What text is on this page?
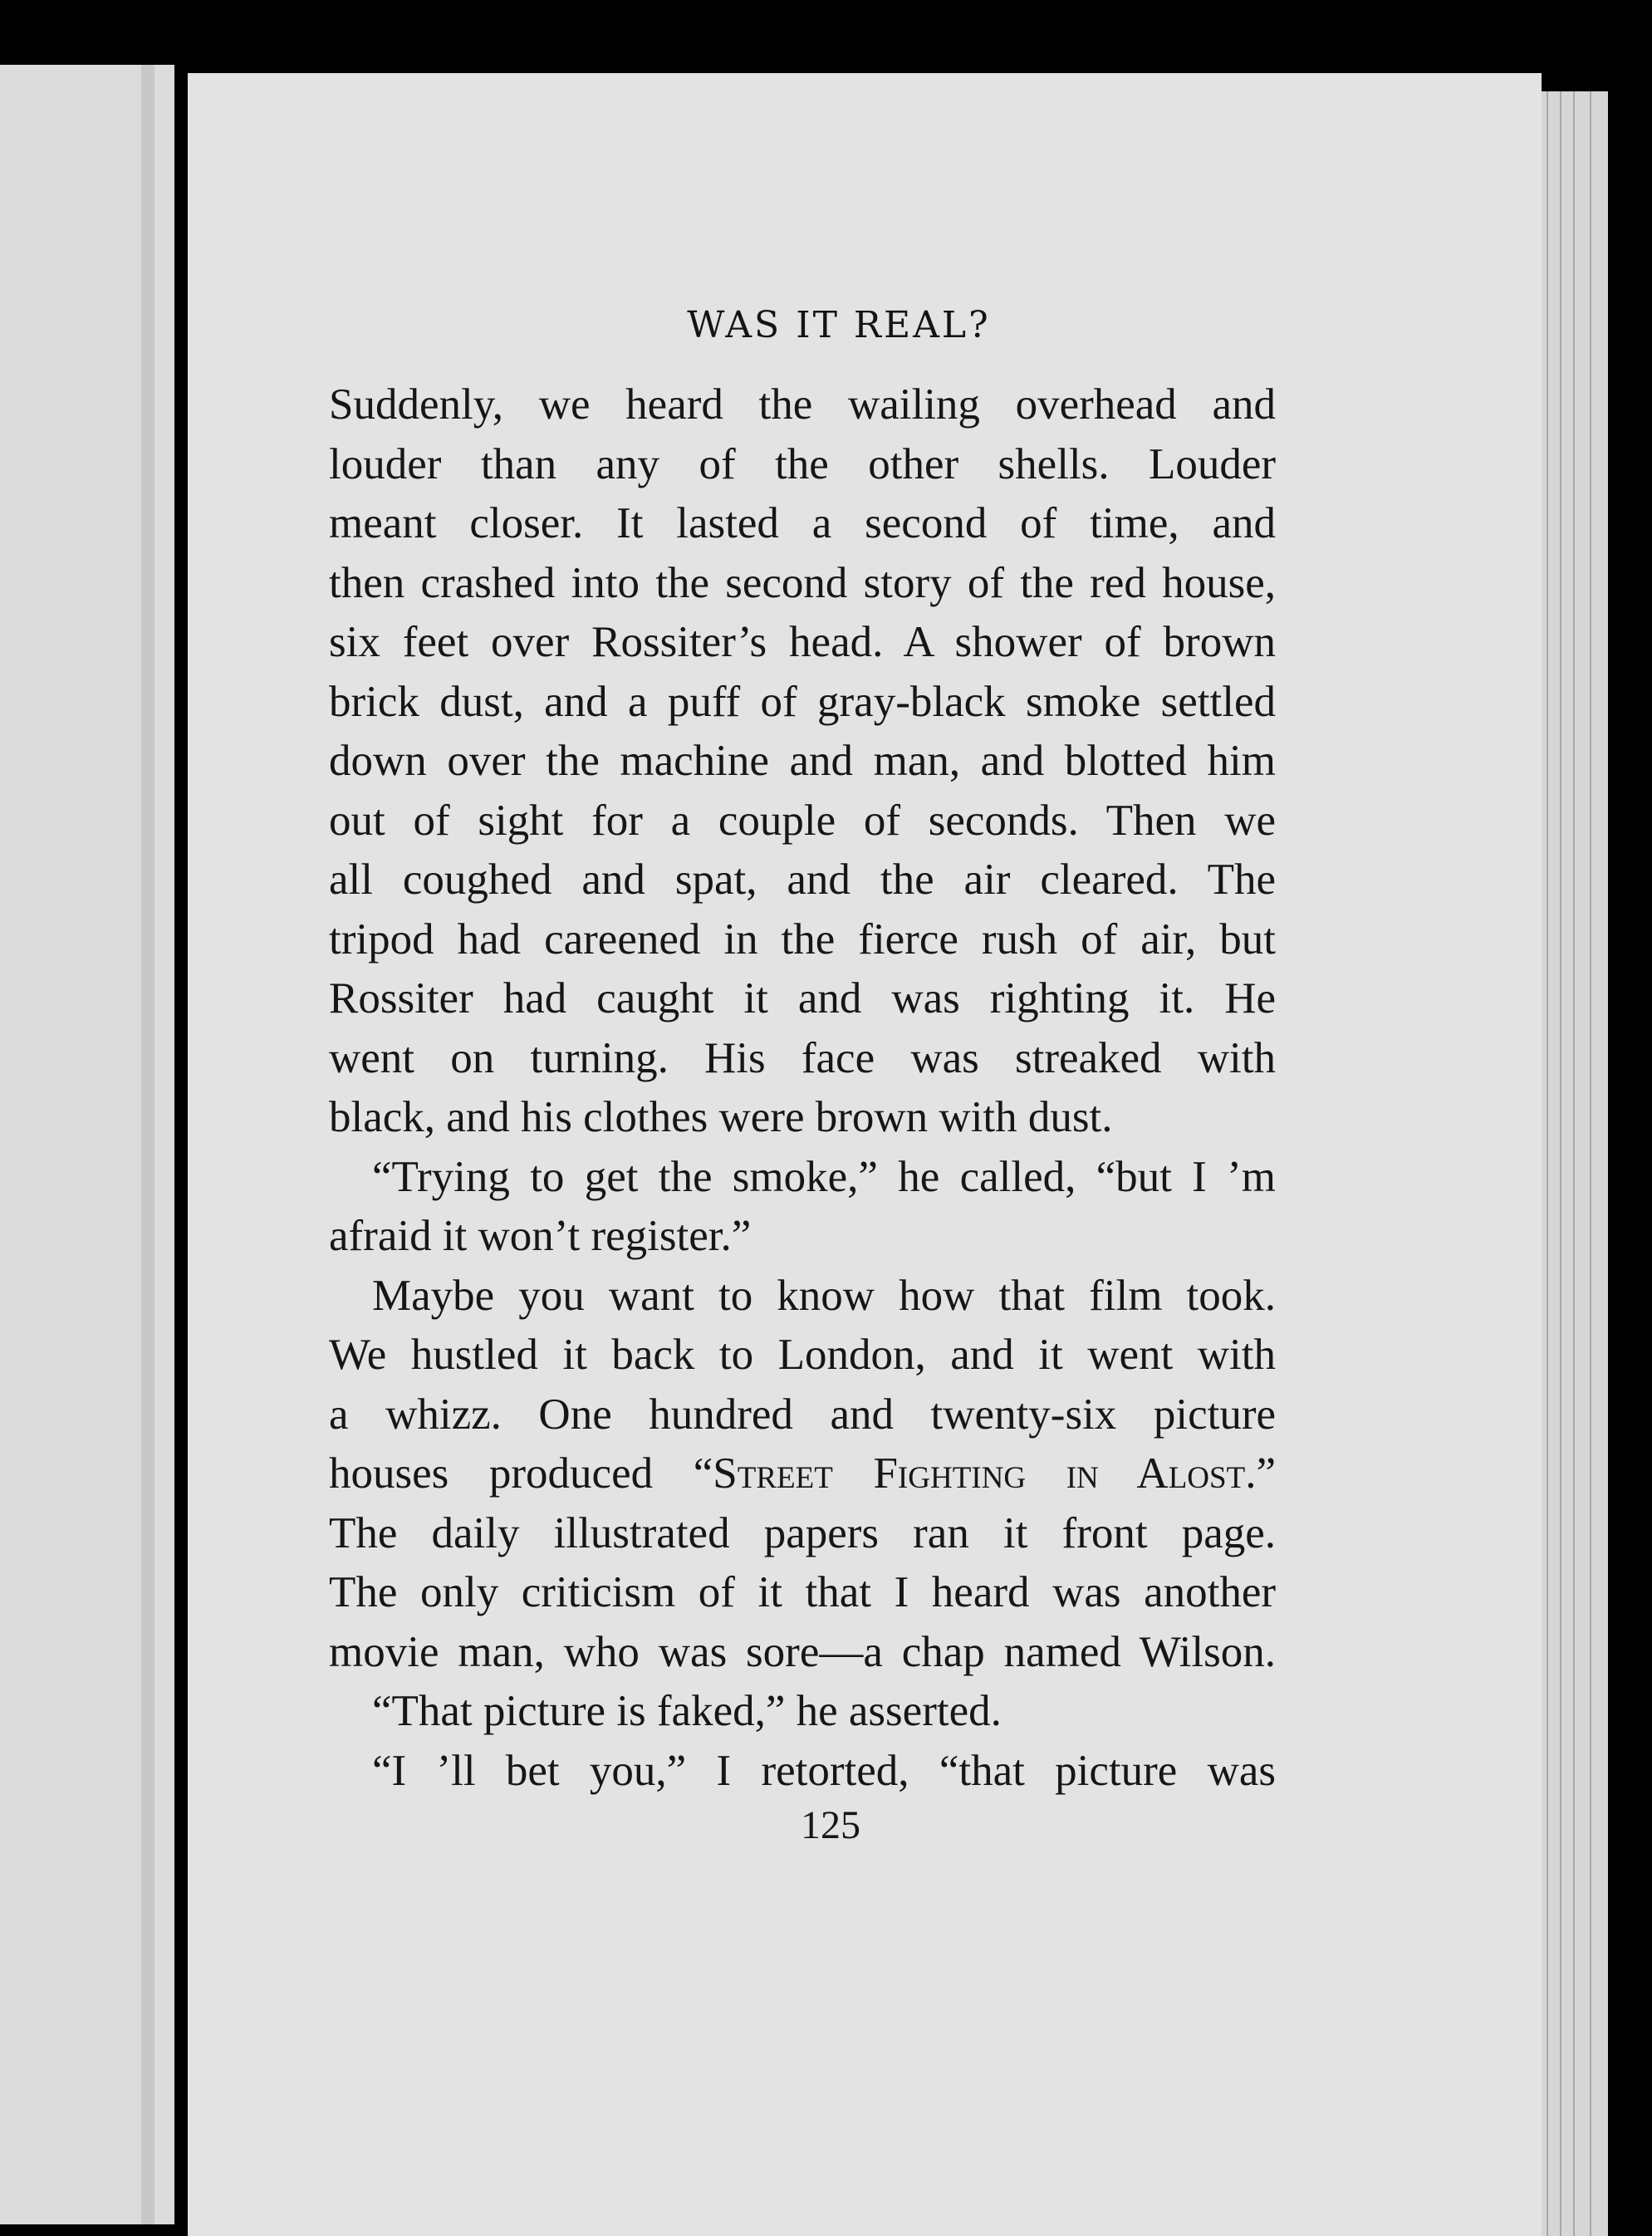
WAS IT REAL?
Suddenly, we heard the wailing overhead and
louder than any of the other shells. Louder
meant closer. It lasted a second of time, and
then crashed into the second story of the red house,
six feet over Rossiter’s head. A shower of brown
brick dust, and a puff of gray-black smoke settled
down over the machine and man, and blotted him
out of sight for a couple of seconds. Then we
all coughed and spat, and the air cleared. The
tripod had careened in the fierce rush of air, but
Rossiter had caught it and was righting it. He
went on turning. His face was streaked with
black, and his clothes were brown with dust.
“Trying to get the smoke,” he called, “but I ’m
afraid it won’t register.”
Maybe you want to know how that film took.
We hustled it back to London, and it went with
a whizz. One hundred and twenty-six picture
houses produced “Street Fighting in Alost.”
The daily illustrated papers ran it front page.
The only criticism of it that I heard was another
movie man, who was sore—a chap named Wilson.
“That picture is faked,” he asserted.
“I ’ll bet you,” I retorted, “that picture was
125
